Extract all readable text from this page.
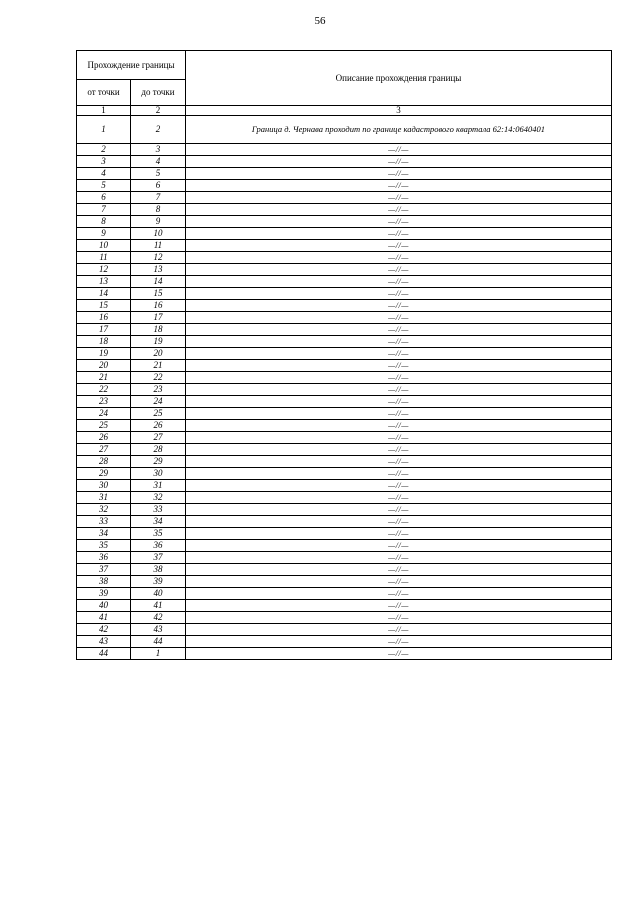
56
Прохождение границы		Описание прохождения границы
от точки	до точки	
1	2	3
1	2	Граница д. Чернава проходит по границе кадастрового квартала 62:14:0640401
2	3	—//—
3	4	—//—
4	5	—//—
5	6	—//—
6	7	—//—
7	8	—//—
8	9	—//—
9	10	—//—
10	11	—//—
11	12	—//—
12	13	—//—
13	14	—//—
14	15	—//—
15	16	—//—
16	17	—//—
17	18	—//—
18	19	—//—
19	20	—//—
20	21	—//—
21	22	—//—
22	23	—//—
23	24	—//—
24	25	—//—
25	26	—//—
26	27	—//—
27	28	—//—
28	29	—//—
29	30	—//—
30	31	—//—
31	32	—//—
32	33	—//—
33	34	—//—
34	35	—//—
35	36	—//—
36	37	—//—
37	38	—//—
38	39	—//—
39	40	—//—
40	41	—//—
41	42	—//—
42	43	—//—
43	44	—//—
44	1	—//—
